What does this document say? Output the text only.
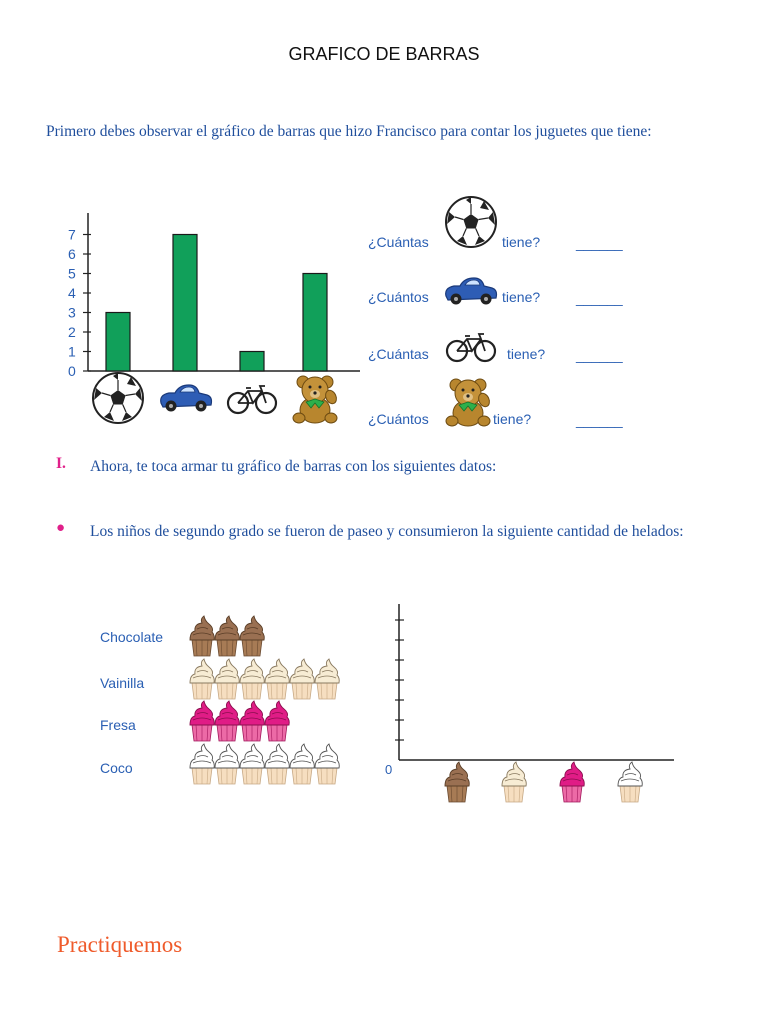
GRAFICO DE BARRAS
Primero debes observar el gráfico de barras que hizo Francisco para contar los juguetes que tiene:
0
1
2
3
4
5
6
7	¿Cuántas	tiene?	______
¿Cuántos	tiene?	______
¿Cuántas	tiene? ______
¿Cuántos	tiene?	______
I. Ahora, te toca armar tu gráfico de barras con los siguientes datos:
● Los niños de segundo grado se fueron de paseo y consumieron la siguiente cantidad de helados:
Chocolate
Vainilla
Fresa
Coco	0
Practiquemos
